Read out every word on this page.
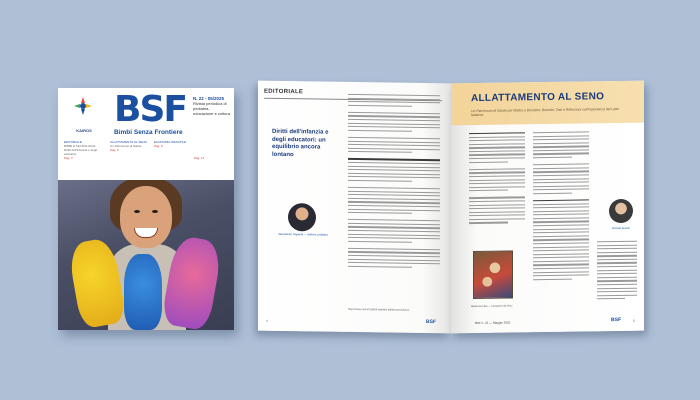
KAIROS
BSF
Bimbi Senza Frontiere
N. 22 - 05/2025
Rivista periodica di pediatria, educazione e cultura
EDITORIALE
BIMBI E TECNOLOGIA
Diritti dell'infanzia e degli educatori
Pag. 3
ALLATTAMENTO AL SENO
Un Patrimonio di Salute
Pag. 5
ECONOMIA INFANTILE
Pag. 8
Pag. 11
EDITORIALE
Diritti dell'infanzia e degli educatori: un equilibrio ancora lontano
Alessandro Sapienti — dottore, pediatra
https://www.unicef.it/diritti-bambini-italia/convenzione/
4	BSF
ALLATTAMENTO AL SENO
Un Patrimonio di Salute per Madre e Bambino: Benefici, Dati e Riflessioni sull'Importanza del Latte Materno
Michele Busato
Madonna Litta — Leonardo da Vinci
BSF n. 22 — Maggio 2025	BSF	5
